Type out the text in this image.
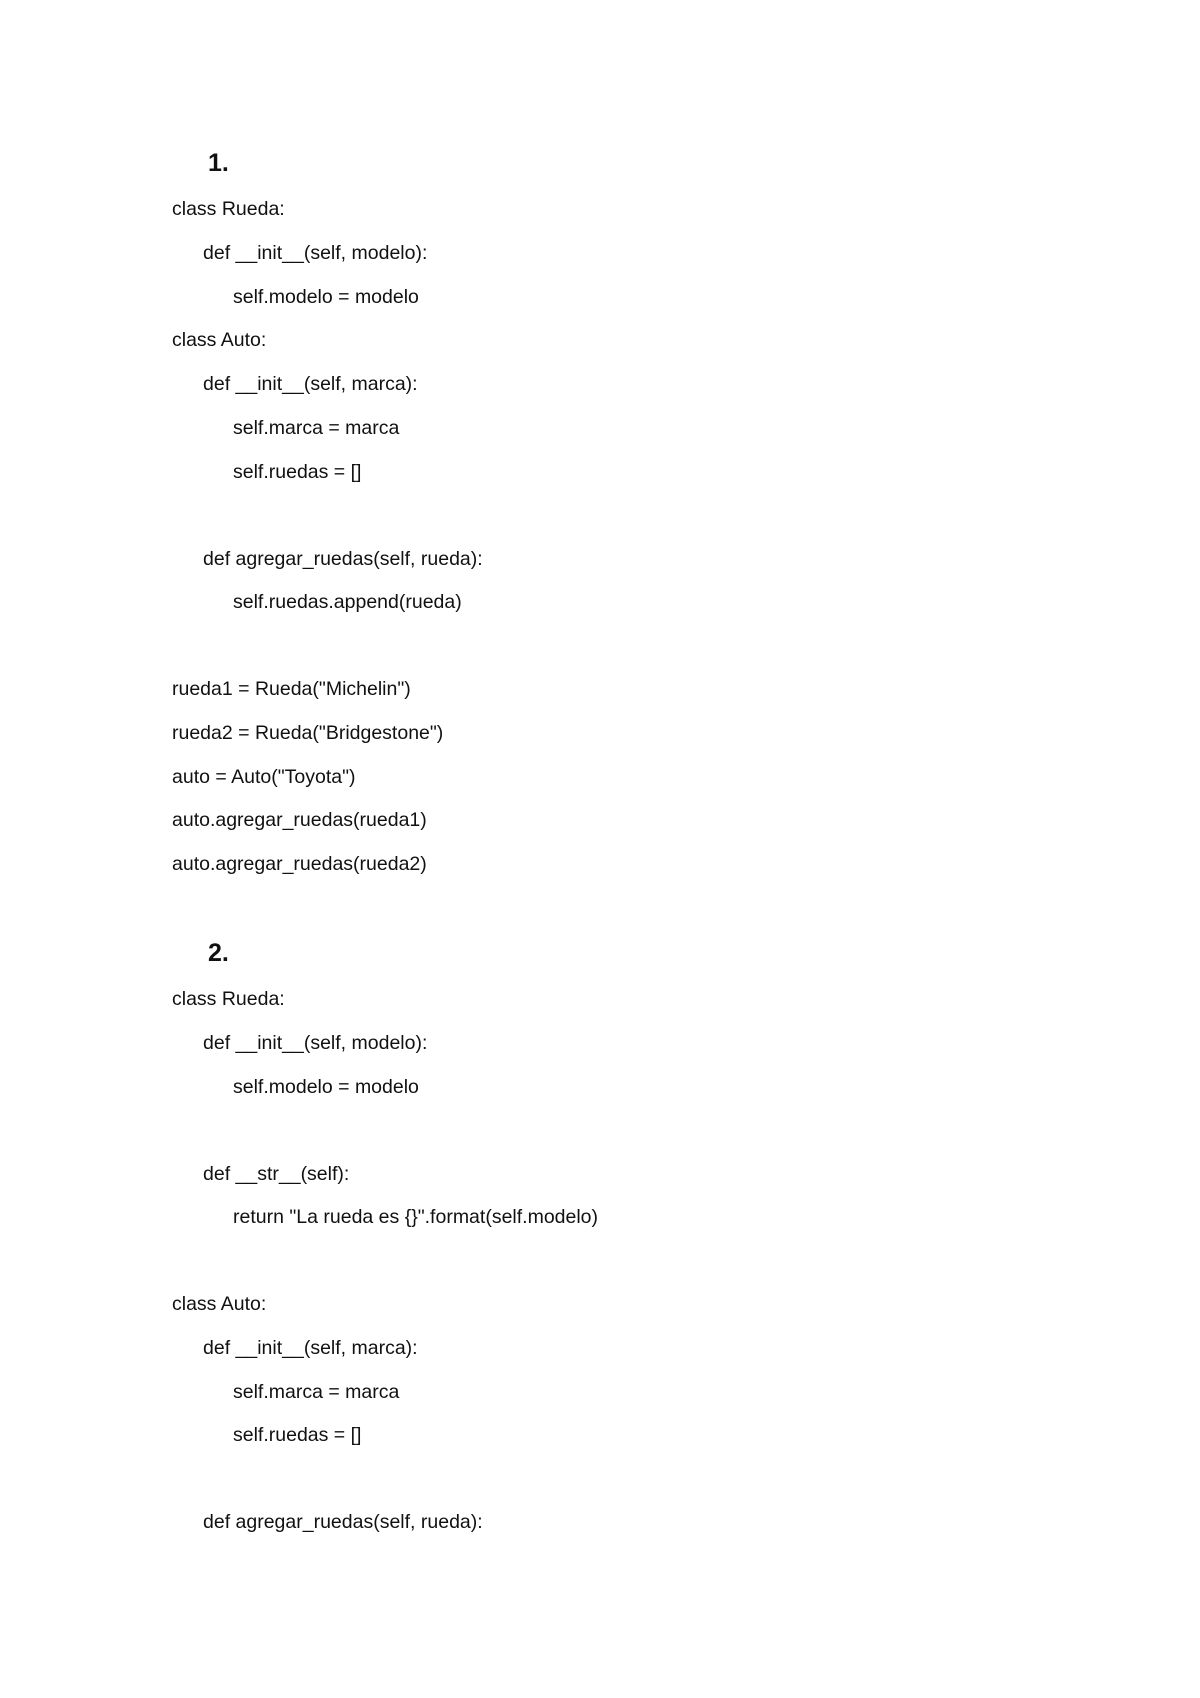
1.
class Rueda:
def __init__(self, modelo):
self.modelo = modelo
class Auto:
def __init__(self, marca):
self.marca = marca
self.ruedas = []
def agregar_ruedas(self, rueda):
self.ruedas.append(rueda)
rueda1 = Rueda("Michelin")
rueda2 = Rueda("Bridgestone")
auto = Auto("Toyota")
auto.agregar_ruedas(rueda1)
auto.agregar_ruedas(rueda2)
2.
class Rueda:
def __init__(self, modelo):
self.modelo = modelo
def __str__(self):
return "La rueda es {}".format(self.modelo)
class Auto:
def __init__(self, marca):
self.marca = marca
self.ruedas = []
def agregar_ruedas(self, rueda):
